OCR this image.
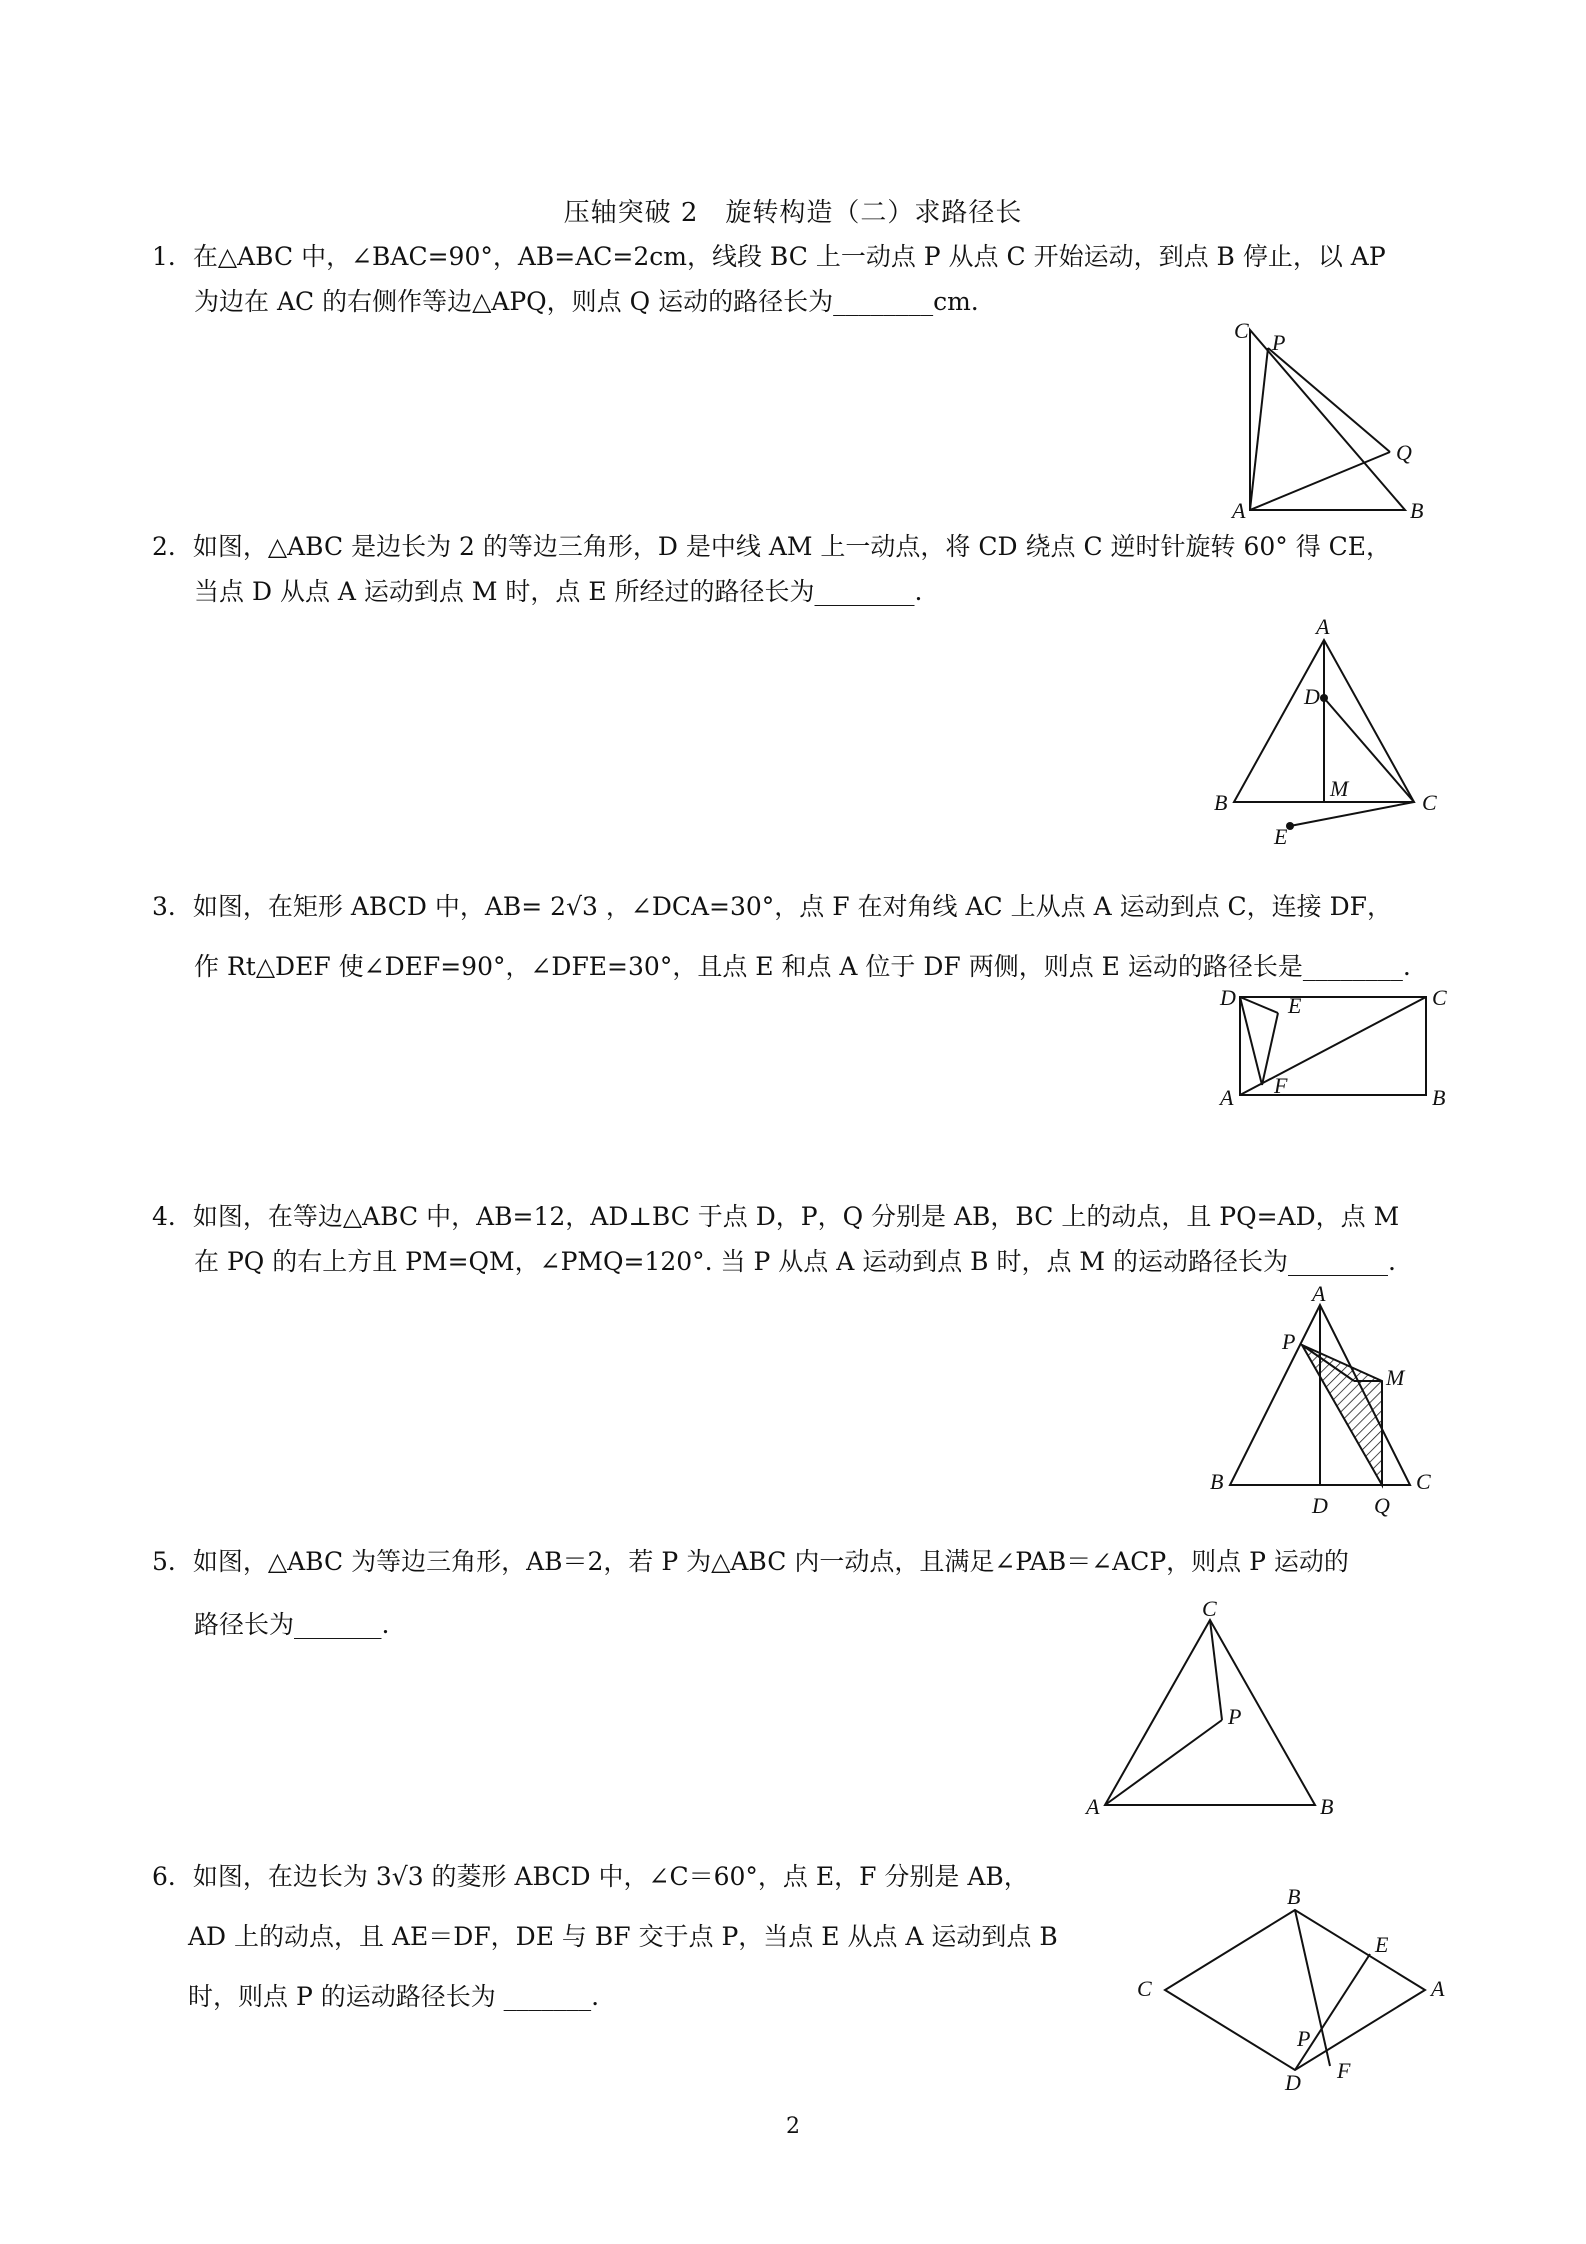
压轴突破 2　旋转构造（二）求路径长
1．在△ABC 中，∠BAC=90°，AB=AC=2cm，线段 BC 上一动点 P 从点 C 开始运动，到点 B 停止，以 AP
为边在 AC 的右侧作等边△APQ，则点 Q 运动的路径长为________cm.
C P
Q
A	B
2．如图，△ABC 是边长为 2 的等边三角形，D 是中线 AM 上一动点，将 CD 绕点 C 逆时针旋转 60° 得 CE，
当点 D 从点 A 运动到点 M 时，点 E 所经过的路径长为________.
A
D
M
B	C
E
3．如图，在矩形 ABCD 中，AB= 2√3 ，∠DCA=30°，点 F 在对角线 AC 上从点 A 运动到点 C，连接 DF，
作 Rt△DEF 使∠DEF=90°，∠DFE=30°，且点 E 和点 A 位于 DF 两侧，则点 E 运动的路径长是________.
D E	C
A F	B
4．如图，在等边△ABC 中，AB=12，AD⊥BC 于点 D，P，Q 分别是 AB，BC 上的动点，且 PQ=AD，点 M
在 PQ 的右上方且 PM=QM，∠PMQ=120°. 当 P 从点 A 运动到点 B 时，点 M 的运动路径长为________.
A
P
M
B
D Q
C
5．如图，△ABC 为等边三角形，AB＝2，若 P 为△ABC 内一动点，且满足∠PAB＝∠ACP，则点 P 运动的
路径长为_______.
C
P
A	B
6．如图，在边长为 3√3 的菱形 ABCD 中，∠C＝60°，点 E，F 分别是 AB，
AD 上的动点，且 AE＝DF，DE 与 BF 交于点 P，当点 E 从点 A 运动到点 B
时，则点 P 的运动路径长为 _______.
B
E
C	A
P
D F
2
